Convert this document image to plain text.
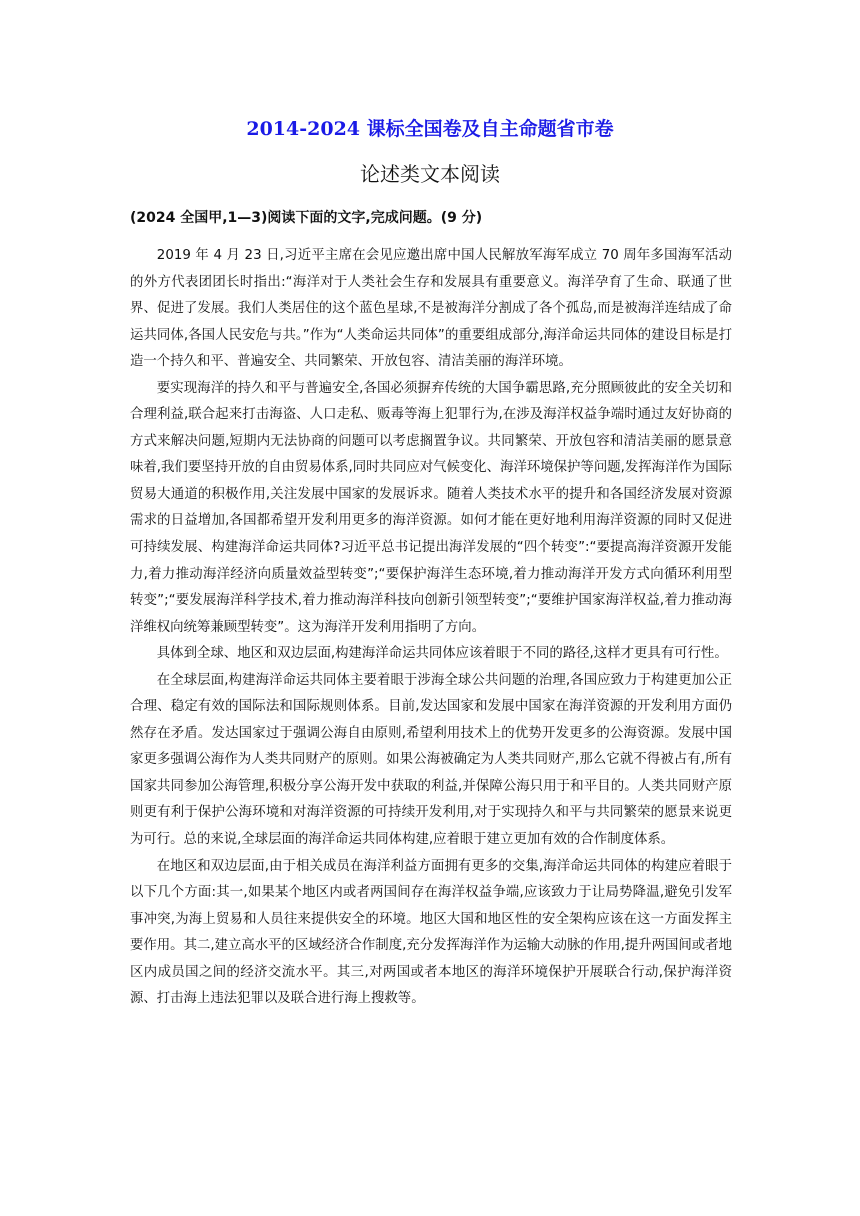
2014-2024 课标全国卷及自主命题省市卷
论述类文本阅读
(2024 全国甲,1—3)阅读下面的文字,完成问题。(9 分)

2019 年 4 月 23 日,习近平主席在会见应邀出席中国人民解放军海军成立 70 周年多国海军活动的外方代表团团长时指出:“海洋对于人类社会生存和发展具有重要意义。海洋孕育了生命、联通了世界、促进了发展。我们人类居住的这个蓝色星球,不是被海洋分割成了各个孤岛,而是被海洋连结成了命运共同体,各国人民安危与共。”作为“人类命运共同体”的重要组成部分,海洋命运共同体的建设目标是打造一个持久和平、普遍安全、共同繁荣、开放包容、清洁美丽的海洋环境。

要实现海洋的持久和平与普遍安全,各国必须摒弃传统的大国争霸思路,充分照顾彼此的安全关切和合理利益,联合起来打击海盗、人口走私、贩毒等海上犯罪行为,在涉及海洋权益争端时通过友好协商的方式来解决问题,短期内无法协商的问题可以考虑搁置争议。共同繁荣、开放包容和清洁美丽的愿景意味着,我们要坚持开放的自由贸易体系,同时共同应对气候变化、海洋环境保护等问题,发挥海洋作为国际贸易大通道的积极作用,关注发展中国家的发展诉求。随着人类技术水平的提升和各国经济发展对资源需求的日益增加,各国都希望开发利用更多的海洋资源。如何才能在更好地利用海洋资源的同时又促进可持续发展、构建海洋命运共同体?习近平总书记提出海洋发展的“四个转变”:“要提高海洋资源开发能力,着力推动海洋经济向质量效益型转变”;“要保护海洋生态环境,着力推动海洋开发方式向循环利用型转变”;“要发展海洋科学技术,着力推动海洋科技向创新引领型转变”;“要维护国家海洋权益,着力推动海洋维权向统筹兼顾型转变”。这为海洋开发利用指明了方向。

具体到全球、地区和双边层面,构建海洋命运共同体应该着眼于不同的路径,这样才更具有可行性。

在全球层面,构建海洋命运共同体主要着眼于涉海全球公共问题的治理,各国应致力于构建更加公正合理、稳定有效的国际法和国际规则体系。目前,发达国家和发展中国家在海洋资源的开发利用方面仍然存在矛盾。发达国家过于强调公海自由原则,希望利用技术上的优势开发更多的公海资源。发展中国家更多强调公海作为人类共同财产的原则。如果公海被确定为人类共同财产,那么它就不得被占有,所有国家共同参加公海管理,积极分享公海开发中获取的利益,并保障公海只用于和平目的。人类共同财产原则更有利于保护公海环境和对海洋资源的可持续开发利用,对于实现持久和平与共同繁荣的愿景来说更为可行。总的来说,全球层面的海洋命运共同体构建,应着眼于建立更加有效的合作制度体系。

在地区和双边层面,由于相关成员在海洋利益方面拥有更多的交集,海洋命运共同体的构建应着眼于以下几个方面:其一,如果某个地区内或者两国间存在海洋权益争端,应该致力于让局势降温,避免引发军事冲突,为海上贸易和人员往来提供安全的环境。地区大国和地区性的安全架构应该在这一方面发挥主要作用。其二,建立高水平的区域经济合作制度,充分发挥海洋作为运输大动脉的作用,提升两国间或者地区内成员国之间的经济交流水平。其三,对两国或者本地区的海洋环境保护开展联合行动,保护海洋资源、打击海上违法犯罪以及联合进行海上搜救等。
